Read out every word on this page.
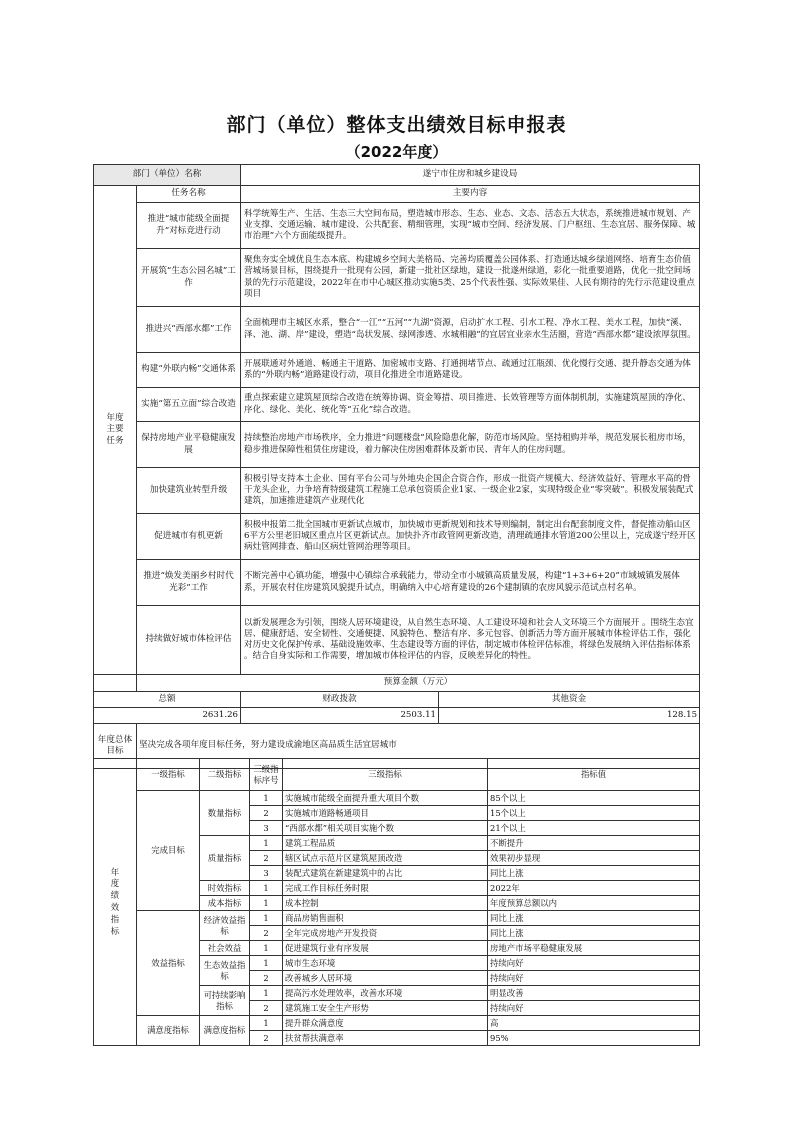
部门（单位）整体支出绩效目标申报表
（2022年度）
部门（单位）名称		遂宁市住房和城乡建设局	

年度主要任务	任务名称	主要内容	
	推进“城市能级全面提升”对标竞进行动	科学统筹生产、生活、生态三大空间布局，塑造城市形态、生态、业态、文态、活态五大状态，系统推进城市规划、产业支撑、交通运输、城市建设、公共配套、精细管理，实现“城市空间、经济发展、门户枢纽、生态宜居、服务保障、城市治理”六个方面能级提升。	
	开展筑“生态公园名城”工作	聚焦夯实全域优良生态本底、构建城乡空间大美格局、完善均质覆盖公园体系、打造通达城乡绿道网络、培育生态价值营城场景目标，围绕提升一批现有公园，新建一批社区绿地，建设一批遂州绿道，彩化一批重要道路，优化一批空间场景的先行示范建设，2022年在市中心城区推动实施5类、25个代表性强、实际效果佳、人民有期待的先行示范建设重点项目	
	推进兴“西部水都”工作	全面梳理市主城区水系，整合“一江”“五河”“九湖”资源，启动扩水工程、引水工程、净水工程、美水工程，加快“溪、泽、池、湖、岸”建设，塑造“岛状发展、绿网渗透、水城相融”的宜居宜业亲水生活圈，营造“西部水都”建设浓厚氛围。	
	构建“外联内畅”交通体系	开展联通对外通道、畅通主干道路、加密城市支路、打通拥堵节点、疏通过江瓶颈、优化慢行交通、提升静态交通为体系的“外联内畅”道路建设行动，项目化推进全市道路建设。	
	实施“第五立面”综合改造	重点探索建立建筑屋顶综合改造在统筹协调、资金筹措、项目推进、长效管理等方面体制机制，实施建筑屋顶的净化、序化、绿化、美化、统化等“五化”综合改造。	
	保持房地产业平稳健康发展	持续整治房地产市场秩序，全力推进“问题楼盘”风险隐患化解，防范市场风险。坚持租购并举，规范发展长租房市场，稳步推进保障性租赁住房建设，着力解决住房困难群体及新市民、青年人的住房问题。	
	加快建筑业转型升级	积极引导支持本土企业、国有平台公司与外地央企国企合资合作，形成一批资产规模大、经济效益好、管理水平高的骨干龙头企业，力争培育特级建筑工程施工总承包资质企业1家、一级企业2家，实现特级企业“零突破”。积极发展装配式建筑，加速推进建筑产业现代化	
	促进城市有机更新	积极申报第二批全国城市更新试点城市，加快城市更新规划和技术导则编制，制定出台配套制度文件，督促推动船山区6平方公里老旧城区重点片区更新试点。加快扑齐市政管网更新改造，清理疏通排水管道200公里以上，完成遂宁经开区病灶管网排查、船山区病灶管网治理等项目。	
	推进“焕发美丽乡村时代光彩”工作	不断完善中心镇功能，增强中心镇综合承载能力，带动全市小城镇高质量发展，构建“1+3+6+20”市域城镇发展体系，开展农村住房建筑风貌提升试点，明确纳入中心培育建设的26个建制镇的农房风貌示范试点村名单。	
	持续做好城市体检评估	以新发展理念为引领，围绕人居环境建设，从自然生态环境、人工建设环境和社会人文环境三个方面展开 。围绕生态宜居、健康舒适、安全韧性、交通便捷、风貌特色、整洁有序、多元包容、创新活力等方面开展城市体检评估工作，强化对历史文化保护传承、基础设施效率、生态建设等方面的评估，制定城市体检评估标准，将绿色发展纳入评估指标体系 。结合自身实际和工作需要，增加城市体检评估的内容，反映差异化的特性。	
	预算金额（万元）		
总额		财政拨款	其他资金
2631.26		2503.11	128.15
年度总体目标	坚决完成各项年度目标任务，努力建设成渝地区高品质生活宜居城市		
年度绩效指标	一级指标	二级指标	三级指标序号	三级指标	指标值
	完成目标	数量指标	1	实施城市能级全面提升重大项目个数	85个以上
			2	实施城市道路畅通项目	15个以上
			3	“西部水都”相关项目实施个数	21个以上
		质量指标	1	建筑工程品质	不断提升
			2	辖区试点示范片区建筑屋顶改造	效果初步显现
			3	装配式建筑在新建建筑中的占比	同比上涨
		时效指标	1	完成工作目标任务时限	2022年
		成本指标	1	成本控制	年度预算总额以内
	效益指标	经济效益指标	1	商品房销售面积	同比上涨
			2	全年完成房地产开发投资	同比上涨
		社会效益	1	促进建筑行业有序发展	房地产市场平稳健康发展
		生态效益指标	1	城市生态环境	持续向好
			2	改善城乡人居环境	持续向好
		可持续影响指标	1	提高污水处理效率，改善水环境	明显改善
			2	建筑施工安全生产形势	持续向好
	满意度指标	满意度指标	1	提升群众满意度	高
			2	扶贫帮扶满意率	95%
